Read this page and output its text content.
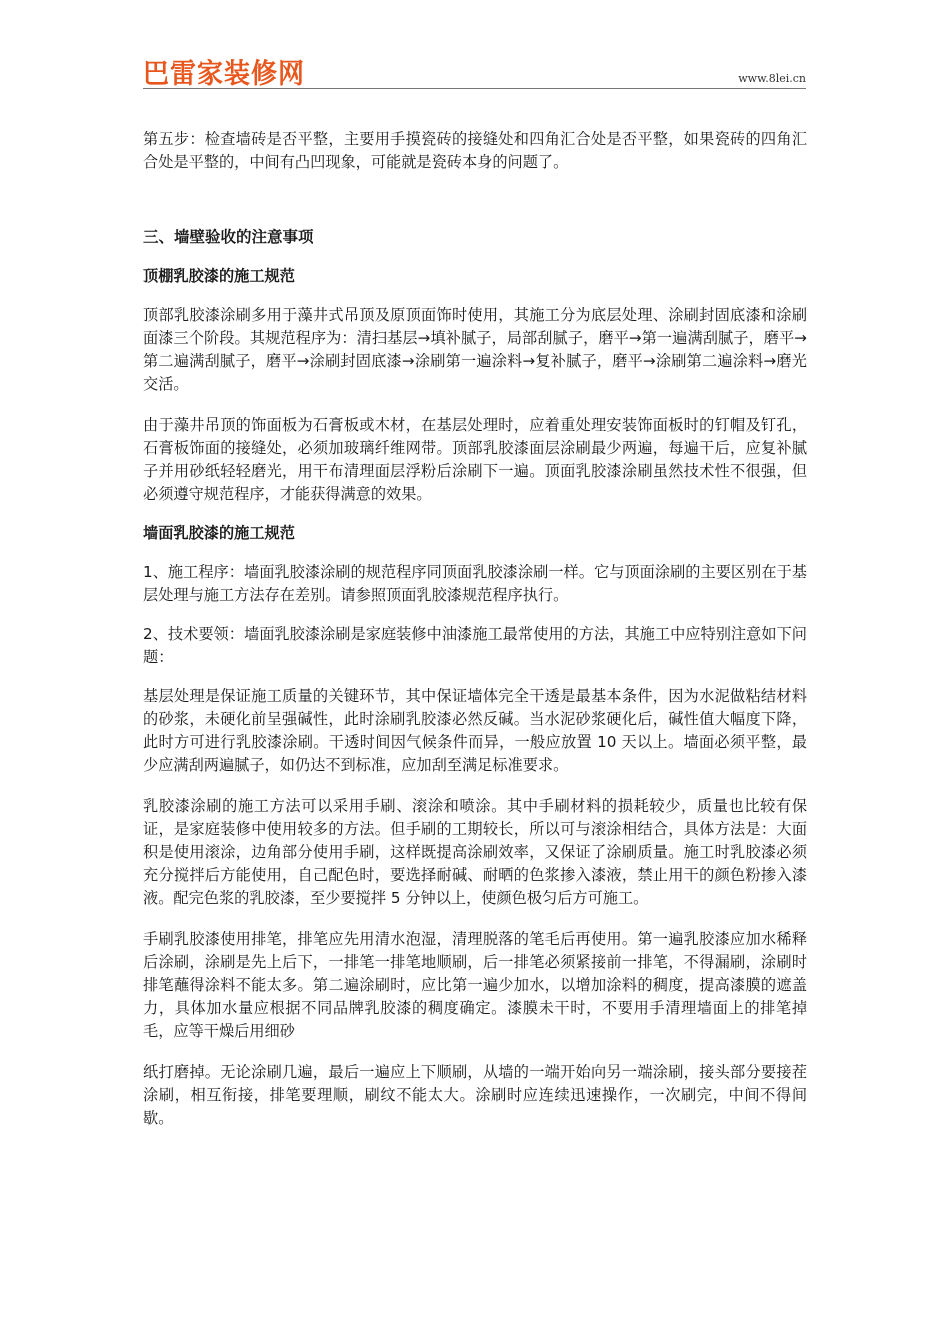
巴雷家装修网	www.8lei.cn

第五步：检查墙砖是否平整，主要用手摸瓷砖的接缝处和四角汇合处是否平整，如果瓷砖的四角汇合处是平整的，中间有凸凹现象，可能就是瓷砖本身的问题了。

三、墙壁验收的注意事项

顶棚乳胶漆的施工规范

顶部乳胶漆涂刷多用于藻井式吊顶及原顶面饰时使用，其施工分为底层处理、涂刷封固底漆和涂刷面漆三个阶段。其规范程序为：清扫基层→填补腻子，局部刮腻子，磨平→第一遍满刮腻子，磨平→第二遍满刮腻子，磨平→涂刷封固底漆→涂刷第一遍涂料→复补腻子，磨平→涂刷第二遍涂料→磨光交活。

由于藻井吊顶的饰面板为石膏板或木材，在基层处理时，应着重处理安装饰面板时的钉帽及钉孔，石膏板饰面的接缝处，必须加玻璃纤维网带。顶部乳胶漆面层涂刷最少两遍，每遍干后，应复补腻子并用砂纸轻轻磨光，用干布清理面层浮粉后涂刷下一遍。顶面乳胶漆涂刷虽然技术性不很强，但必须遵守规范程序，才能获得满意的效果。

墙面乳胶漆的施工规范

1、施工程序：墙面乳胶漆涂刷的规范程序同顶面乳胶漆涂刷一样。它与顶面涂刷的主要区别在于基层处理与施工方法存在差别。请参照顶面乳胶漆规范程序执行。

2、技术要领：墙面乳胶漆涂刷是家庭装修中油漆施工最常使用的方法，其施工中应特别注意如下问题：

基层处理是保证施工质量的关键环节，其中保证墙体完全干透是最基本条件，因为水泥做粘结材料的砂浆，未硬化前呈强碱性，此时涂刷乳胶漆必然反碱。当水泥砂浆硬化后，碱性值大幅度下降，此时方可进行乳胶漆涂刷。干透时间因气候条件而异，一般应放置 10 天以上。墙面必须平整，最少应满刮两遍腻子，如仍达不到标准，应加刮至满足标准要求。

乳胶漆涂刷的施工方法可以采用手刷、滚涂和喷涂。其中手刷材料的损耗较少，质量也比较有保证，是家庭装修中使用较多的方法。但手刷的工期较长，所以可与滚涂相结合，具体方法是：大面积是使用滚涂，边角部分使用手刷，这样既提高涂刷效率，又保证了涂刷质量。施工时乳胶漆必须充分搅拌后方能使用，自己配色时，要选择耐碱、耐晒的色浆掺入漆液，禁止用干的颜色粉掺入漆液。配完色浆的乳胶漆，至少要搅拌 5 分钟以上，使颜色极匀后方可施工。

手刷乳胶漆使用排笔，排笔应先用清水泡湿，清理脱落的笔毛后再使用。第一遍乳胶漆应加水稀释后涂刷，涂刷是先上后下，一排笔一排笔地顺刷，后一排笔必须紧接前一排笔，不得漏刷，涂刷时排笔蘸得涂料不能太多。第二遍涂刷时，应比第一遍少加水，以增加涂料的稠度，提高漆膜的遮盖力，具体加水量应根据不同品牌乳胶漆的稠度确定。漆膜未干时，不要用手清理墙面上的排笔掉毛，应等干燥后用细砂

纸打磨掉。无论涂刷几遍，最后一遍应上下顺刷，从墙的一端开始向另一端涂刷，接头部分要接茬涂刷，相互衔接，排笔要理顺，刷纹不能太大。涂刷时应连续迅速操作，一次刷完，中间不得间歇。
